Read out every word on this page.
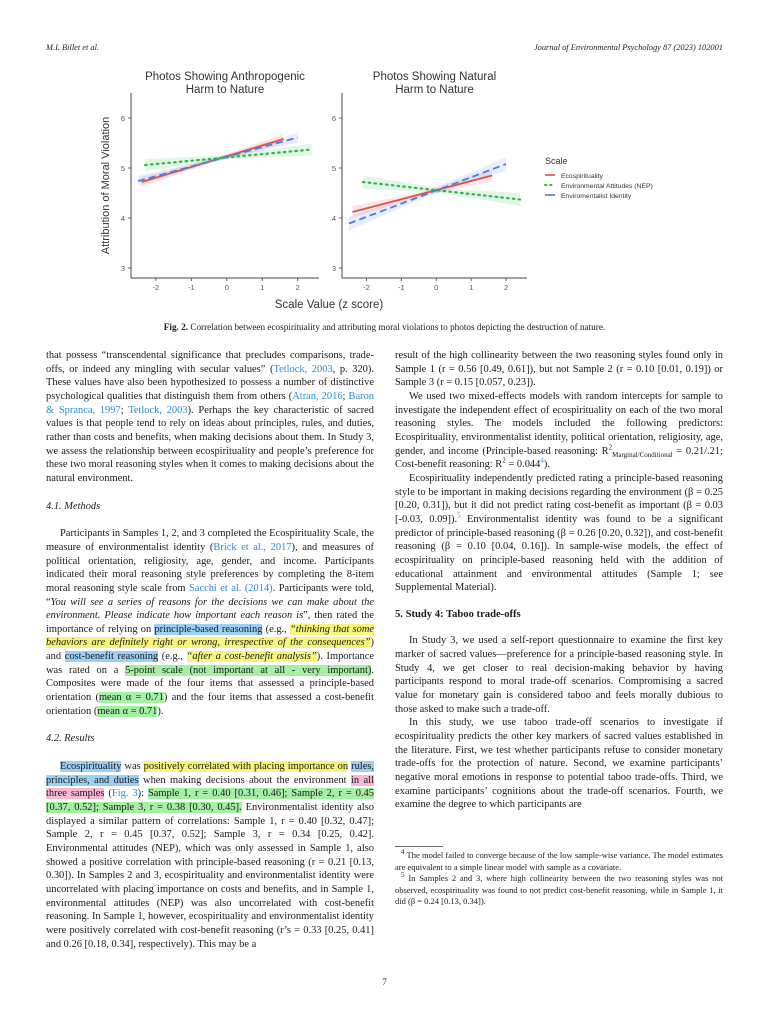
M.I. Billet et al.	Journal of Environmental Psychology 87 (2023) 102001
Photos Showing Anthropogenic
Harm to Nature
3
4
5
6
-2	-1	0	1	2
Attribution of Moral Violation
Photos Showing Natural
Harm to Nature
3
4
5
6
-2	-1	0	1	2
Scale Value (z score)
Scale
Ecospirituality
Environmental Attitudes (NEP)
Enviromentalist Identity
Fig. 2. Correlation between ecospirituality and attributing moral violations to photos depicting the destruction of nature.

that possess “transcendental significance that precludes comparisons, trade-offs, or indeed any mingling with secular values” (Tetlock, 2003, p. 320). These values have also been hypothesized to possess a number of distinctive psychological qualities that distinguish them from others (Atran, 2016; Baron & Spranca, 1997; Tetlock, 2003). Perhaps the key characteristic of sacred values is that people tend to rely on ideas about principles, rules, and duties, rather than costs and benefits, when making decisions about them. In Study 3, we assess the relationship between ecospirituality and people’s preference for these two moral reasoning styles when it comes to making decisions about the natural environment.

4.1. Methods

Participants in Samples 1, 2, and 3 completed the Ecospirituality Scale, the measure of environmentalist identity (Brick et al., 2017), and measures of political orientation, religiosity, age, gender, and income. Participants indicated their moral reasoning style preferences by completing the 8-item moral reasoning style scale from Sacchi et al. (2014). Participants were told, “You will see a series of reasons for the decisions we can make about the environment. Please indicate how important each reason is”, then rated the importance of relying on principle-based reasoning (e.g., “thinking that some behaviors are definitely right or wrong, irrespective of the consequences”) and cost-benefit reasoning (e.g., “after a cost-benefit analysis”). Importance was rated on a 5-point scale (not important at all - very important). Composites were made of the four items that assessed a principle-based orientation (mean α = 0.71) and the four items that assessed a cost-benefit orientation (mean α = 0.71).

4.2. Results

Ecospirituality was positively correlated with placing importance on rules, principles, and duties when making decisions about the environment in all three samples (Fig. 3): Sample 1, r = 0.40 [0.31, 0.46]; Sample 2, r = 0.45 [0.37, 0.52]; Sample 3, r = 0.38 [0.30, 0.45]. Environmentalist identity also displayed a similar pattern of correlations: Sample 1, r = 0.40 [0.32, 0.47]; Sample 2, r = 0.45 [0.37, 0.52]; Sample 3, r = 0.34 [0.25, 0.42]. Environmental attitudes (NEP), which was only assessed in Sample 1, also showed a positive correlation with principle-based reasoning (r = 0.21 [0.13, 0.30]). In Samples 2 and 3, ecospirituality and environmentalist identity were uncorrelated with placing importance on costs and benefits, and in Sample 1, environmental attitudes (NEP) was also uncorrelated with cost-benefit reasoning. In Sample 1, however, ecospirituality and environmentalist identity were positively correlated with cost-benefit reasoning (r’s = 0.33 [0.25, 0.41] and 0.26 [0.18, 0.34], respectively). This may be a

result of the high collinearity between the two reasoning styles found only in Sample 1 (r = 0.56 [0.49, 0.61]), but not Sample 2 (r = 0.10 [0.01, 0.19]) or Sample 3 (r = 0.15 [0.057, 0.23]).

We used two mixed-effects models with random intercepts for sample to investigate the independent effect of ecospirituality on each of the two moral reasoning styles. The models included the following predictors: Ecospirituality, environmentalist identity, political orientation, religiosity, age, gender, and income (Principle-based reasoning: $R^2_{Marginal/Conditional} = 0.21/.21$; Cost-benefit reasoning: $R^2 = 0.044^4$).

Ecospirituality independently predicted rating a principle-based reasoning style to be important in making decisions regarding the environment (β = 0.25 [0.20, 0.31]), but it did not predict rating cost-benefit as important (β = 0.03 [-0.03, 0.09]).$^5$ Environmentalist identity was found to be a significant predictor of principle-based reasoning (β = 0.26 [0.20, 0.32]), and cost-benefit reasoning (β = 0.10 [0.04, 0.16]). In sample-wise models, the effect of ecospirituality on principle-based reasoning held with the addition of educational attainment and environmental attitudes (Sample 1; see Supplemental Material).

5. Study 4: Taboo trade-offs

In Study 3, we used a self-report questionnaire to examine the first key marker of sacred values—preference for a principle-based reasoning style. In Study 4, we get closer to real decision-making behavior by having participants respond to moral trade-off scenarios. Compromising a sacred value for monetary gain is considered taboo and feels morally dubious to those asked to make such a trade-off.

In this study, we use taboo trade-off scenarios to investigate if ecospirituality predicts the other key markers of sacred values established in the literature. First, we test whether participants refuse to consider monetary trade-offs for the protection of nature. Second, we examine participants’ negative moral emotions in response to potential taboo trade-offs. Third, we examine participants’ cognitions about the trade-off scenarios. Fourth, we examine the degree to which participants are

$^4$ The model failed to converge because of the low sample-wise variance. The model estimates are equivalent to a simple linear model with sample as a covariate.

$^5$ In Samples 2 and 3, where high collinearity between the two reasoning styles was not observed, ecospirituality was found to not predict cost-benefit reasoning, while in Sample 1, it did (β = 0.24 [0.13, 0.34]).

7
